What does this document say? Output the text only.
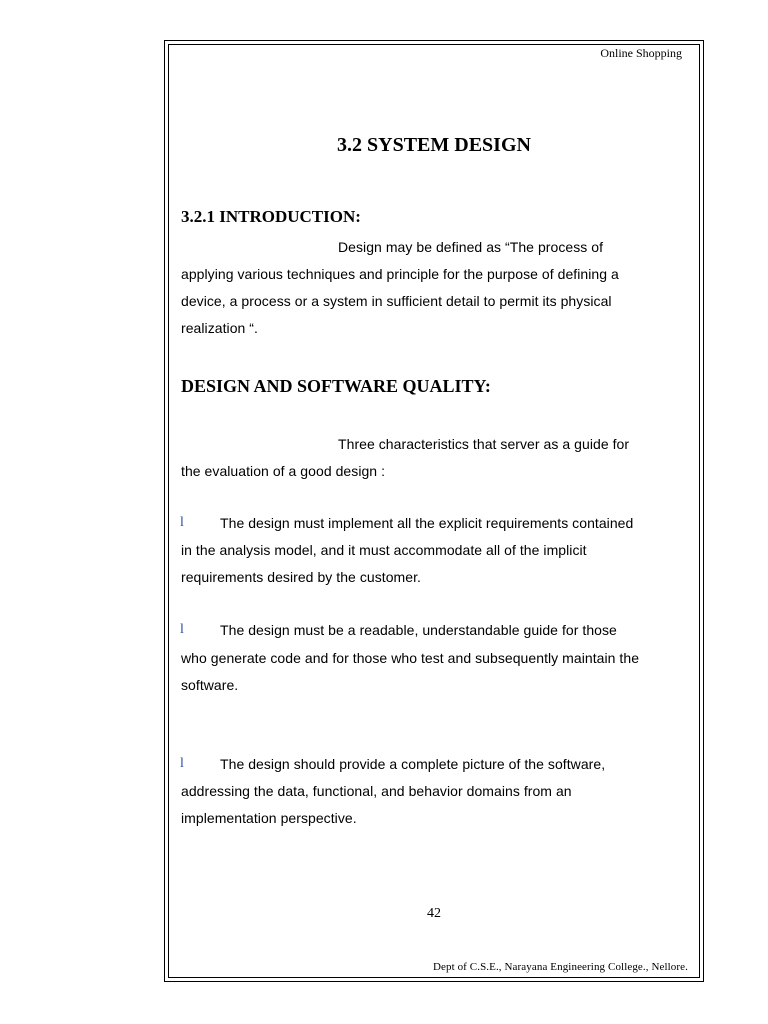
Online Shopping
3.2 SYSTEM DESIGN
3.2.1 INTRODUCTION:
Design may be defined as “The process of
applying various techniques and principle for the purpose of defining a
device, a process or a system in sufficient detail to permit its physical
realization “.
DESIGN AND SOFTWARE QUALITY:
Three characteristics that server as a guide for
the evaluation of a good design :
l	The design must implement all the explicit requirements contained
in the analysis model, and it must accommodate all of the implicit
requirements desired by the customer.
l	The design must be a readable, understandable guide for those
who generate code and for those who test and subsequently maintain the
software.
l	The design should provide a complete picture of the software,
addressing the data, functional, and behavior domains from an
implementation perspective.
42
Dept of C.S.E., Narayana Engineering College., Nellore.
